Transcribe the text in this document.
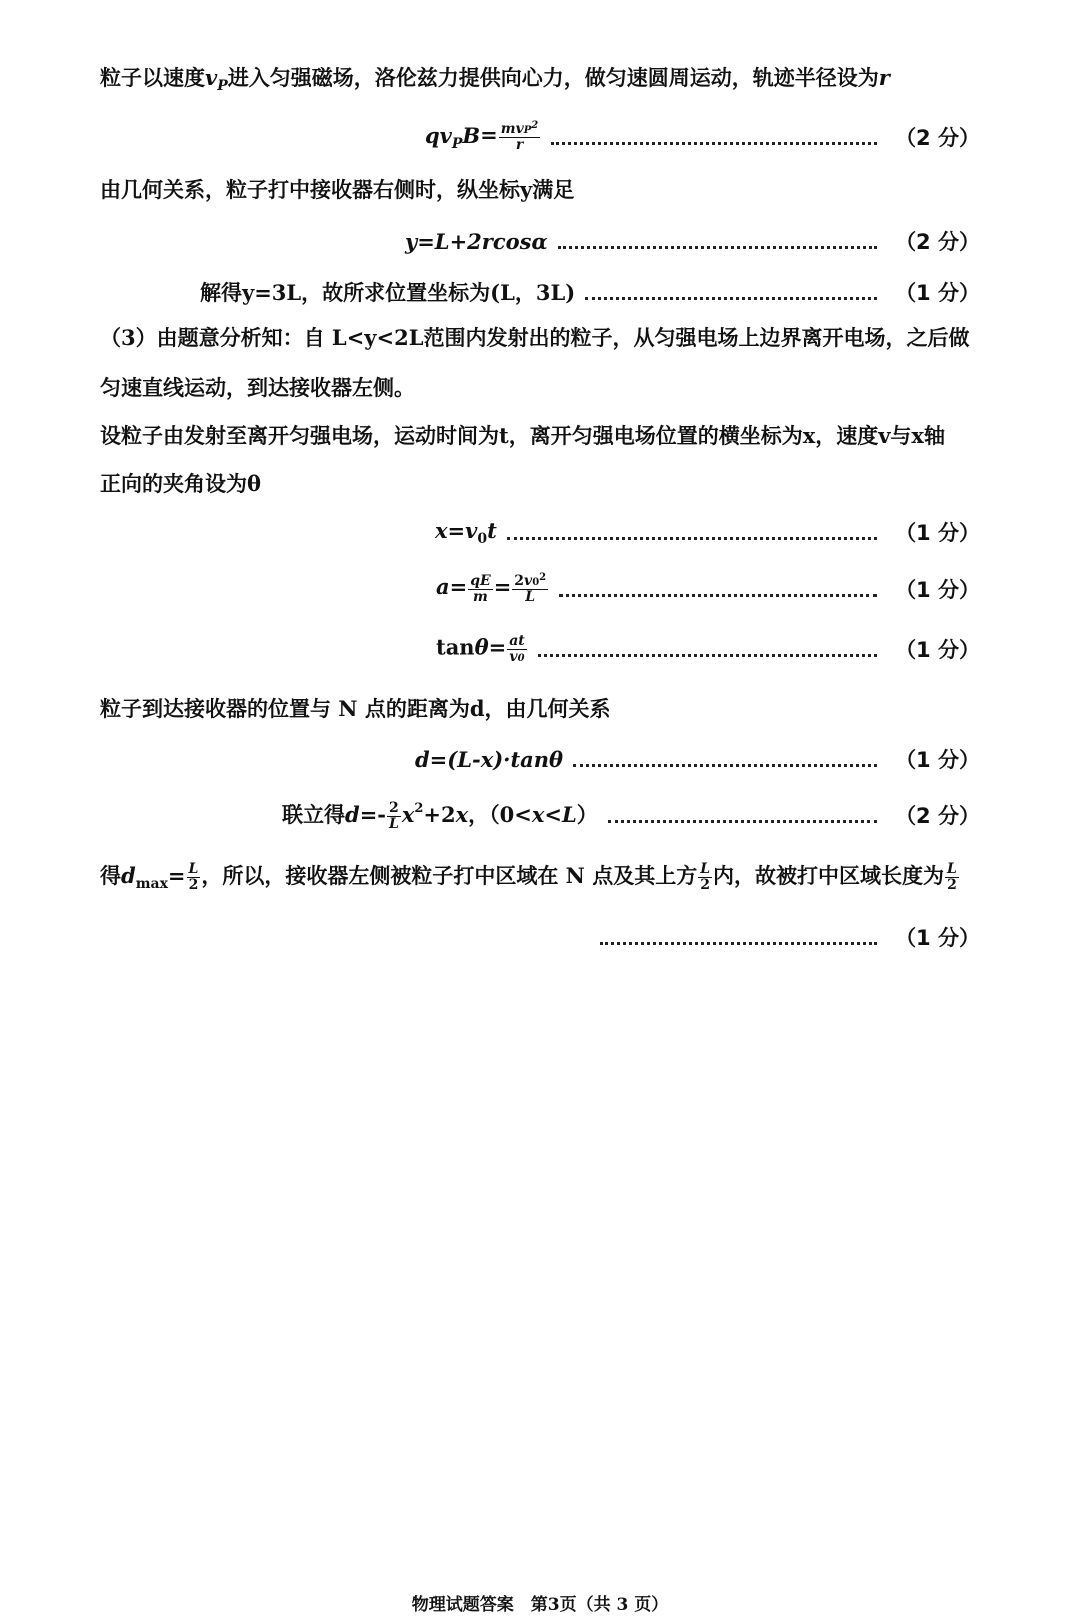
粒子以速度$v_P$进入匀强磁场，洛伦兹力提供向心力，做匀速圆周运动，轨迹半径设为r
$qv_PB= \frac{mvP^2}{r}$	（2 分）
由几何关系，粒子打中接收器右侧时，纵坐标y满足
y=L+2rcosα	（2 分）
解得y=3L，故所求位置坐标为(L，3L)	（1 分）
（3）由题意分析知：自 L<y<2L范围内发射出的粒子，从匀强电场上边界离开电场，之后做
匀速直线运动，到达接收器左侧。
设粒子由发射至离开匀强电场，运动时间为t，离开匀强电场位置的横坐标为x，速度v与x轴
正向的夹角设为θ
$x=v_0t$	（1 分）
$a= \frac{qE}{m} = \frac{2v0^2}{L}$	（1 分）
$\tan\theta= \frac{at}{v0}$	（1 分）
粒子到达接收器的位置与 N 点的距离为d，由几何关系
d=(L-x)·tanθ	（1 分）
联立得$d=- \frac{2}{L} x^2+2x$，（0<x<L）	（2 分）
得$d_{max}= \frac{L}{2}$ ，所以，接收器左侧被粒子打中区域在 N 点及其上方 $\frac{L}{2}$ 内，故被打中区域长度为 $\frac{L}{2}$
（1 分）
物理试题答案　第3页（共 3 页）
